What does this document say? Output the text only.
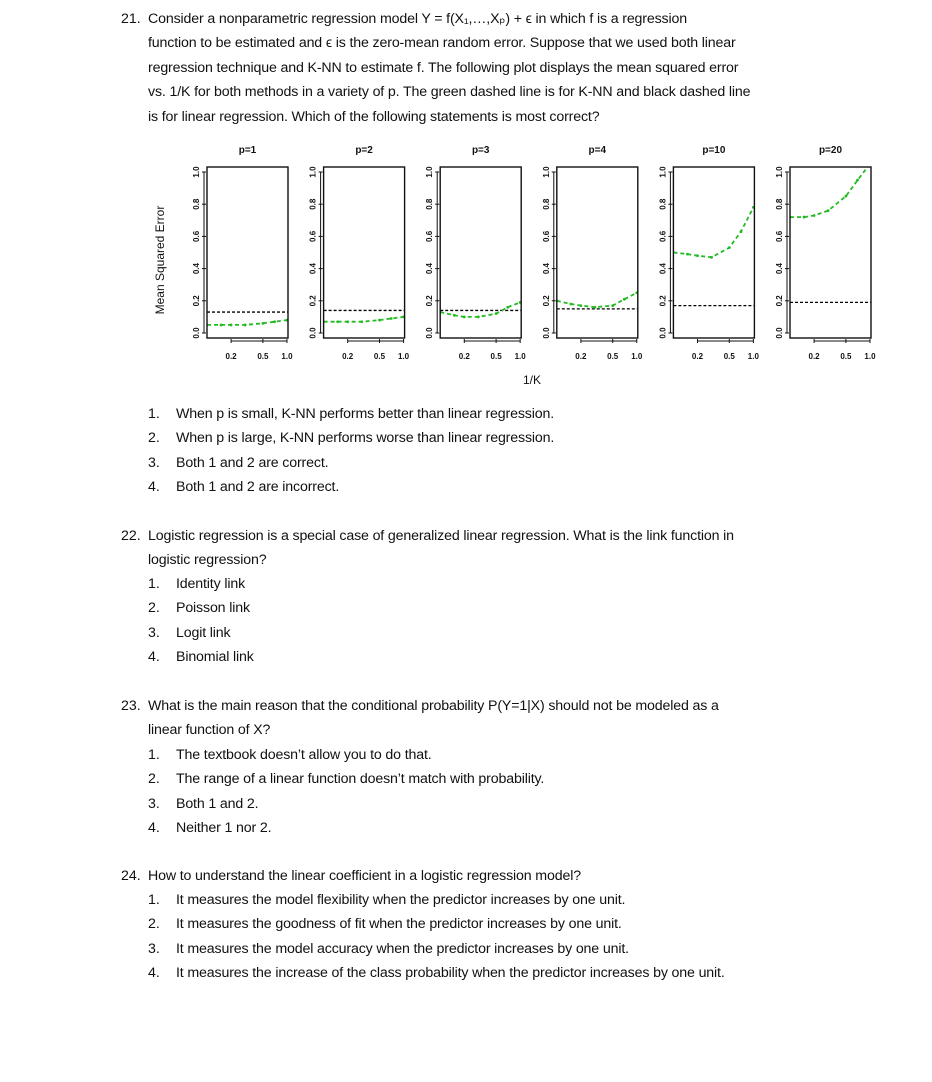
21. Consider a nonparametric regression model Y = f(X₁,…,Xₚ) + ϵ in which f is a regression
function to be estimated and ϵ is the zero-mean random error. Suppose that we used both linear
regression technique and K-NN to estimate f. The following plot displays the mean squared error
vs. 1/K for both methods in a variety of p. The green dashed line is for K-NN and black dashed line
is for linear regression. Which of the following statements is most correct?
1. When p is small, K-NN performs better than linear regression.
2. When p is large, K-NN performs worse than linear regression.
3. Both 1 and 2 are correct.
4. Both 1 and 2 are incorrect.
22. Logistic regression is a special case of generalized linear regression. What is the link function in
logistic regression?
1. Identity link
2. Poisson link
3. Logit link
4. Binomial link
23. What is the main reason that the conditional probability P(Y=1|X) should not be modeled as a
linear function of X?
1. The textbook doesn’t allow you to do that.
2. The range of a linear function doesn’t match with probability.
3. Both 1 and 2.
4. Neither 1 nor 2.
24. How to understand the linear coefficient in a logistic regression model?
1. It measures the model flexibility when the predictor increases by one unit.
2. It measures the goodness of fit when the predictor increases by one unit.
3. It measures the model accuracy when the predictor increases by one unit.
4. It measures the increase of the class probability when the predictor increases by one unit.
p=1
0.0
0.2
0.4
0.6
0.8
1.0
0.2	0.5 1.0
p=2
0.0
0.2
0.4
0.6
0.8
1.0
0.2	0.5 1.0
p=3
0.0
0.2
0.4
0.6
0.8
1.0
0.2	0.5 1.0
p=4
0.0
0.2
0.4
0.6
0.8
1.0
0.2	0.5 1.0
p=10
0.0
0.2
0.4
0.6
0.8
1.0
0.2	0.5 1.0
p=20
0.0
0.2
0.4
0.6
0.8
1.0
0.2	0.5 1.0
Mean Squared Error
1/K
